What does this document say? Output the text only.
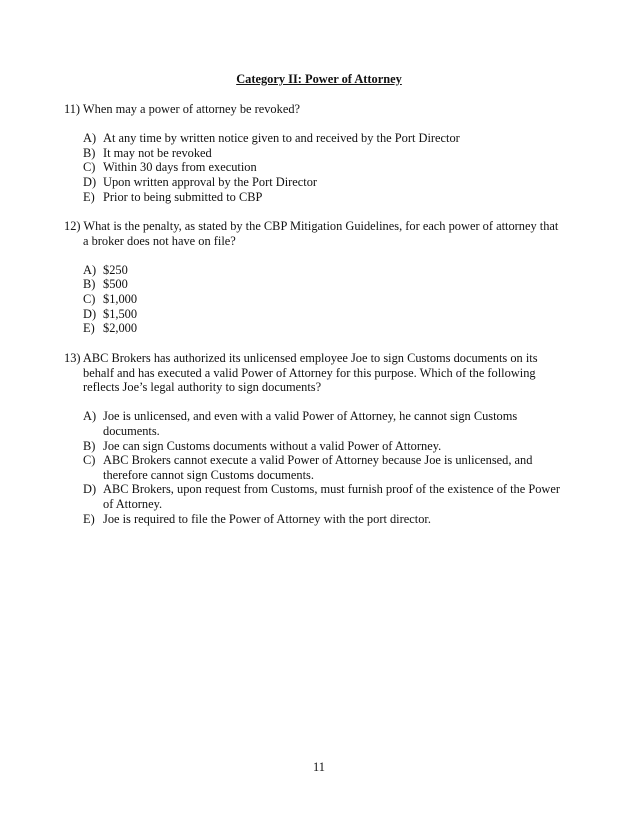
Category II: Power of Attorney
11) When may a power of attorney be revoked?
A) At any time by written notice given to and received by the Port Director
B) It may not be revoked
C) Within 30 days from execution
D) Upon written approval by the Port Director
E) Prior to being submitted to CBP
12) What is the penalty, as stated by the CBP Mitigation Guidelines, for each power of attorney that a broker does not have on file?
A) $250
B) $500
C) $1,000
D) $1,500
E) $2,000
13) ABC Brokers has authorized its unlicensed employee Joe to sign Customs documents on its behalf and has executed a valid Power of Attorney for this purpose. Which of the following reflects Joe’s legal authority to sign documents?
A) Joe is unlicensed, and even with a valid Power of Attorney, he cannot sign Customs documents.
B) Joe can sign Customs documents without a valid Power of Attorney.
C) ABC Brokers cannot execute a valid Power of Attorney because Joe is unlicensed, and therefore cannot sign Customs documents.
D) ABC Brokers, upon request from Customs, must furnish proof of the existence of the Power of Attorney.
E) Joe is required to file the Power of Attorney with the port director.
11
